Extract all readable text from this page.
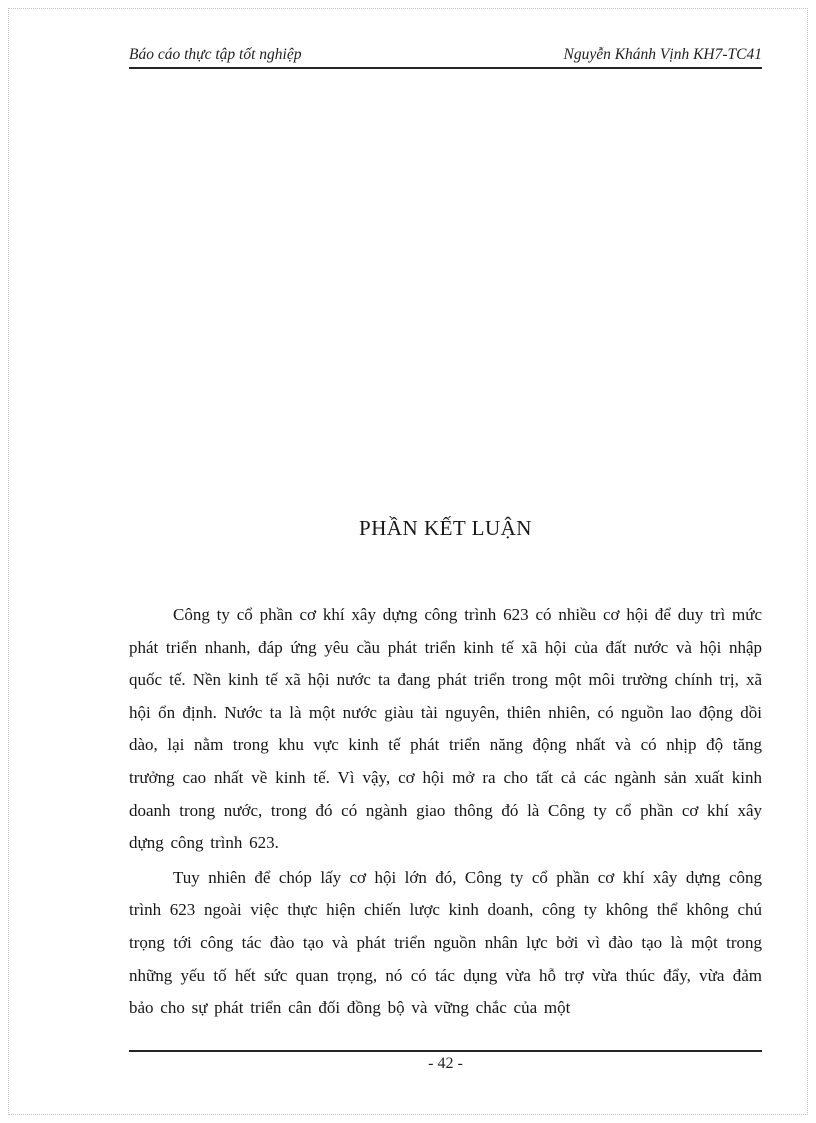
Báo cáo thực tập tốt nghiệp	Nguyễn Khánh Vịnh KH7-TC41
PHẦN KẾT LUẬN

Công ty cổ phần cơ khí xây dựng công trình 623 có nhiều cơ hội để duy trì mức phát triển nhanh, đáp ứng yêu cầu phát triển kinh tế xã hội của đất nước và hội nhập quốc tế. Nền kinh tế xã hội nước ta đang phát triển trong một môi trường chính trị, xã hội ổn định. Nước ta là một nước giàu tài nguyên, thiên nhiên, có nguồn lao động dồi dào, lại nằm trong khu vực kinh tế phát triển năng động nhất và có nhịp độ tăng trưởng cao nhất về kinh tế. Vì vậy, cơ hội mở ra cho tất cả các ngành sản xuất kinh doanh trong nước, trong đó có ngành giao thông đó là Công ty cổ phần cơ khí xây dựng công trình 623.

Tuy nhiên để chóp lấy cơ hội lớn đó, Công ty cổ phần cơ khí xây dựng công trình 623 ngoài việc thực hiện chiến lược kinh doanh, công ty không thể không chú trọng tới công tác đào tạo và phát triển nguồn nhân lực bởi vì đào tạo là một trong những yếu tố hết sức quan trọng, nó có tác dụng vừa hỗ trợ vừa thúc đẩy, vừa đảm bảo cho sự phát triển cân đối đồng bộ và vững chắc của một

- 42 -
